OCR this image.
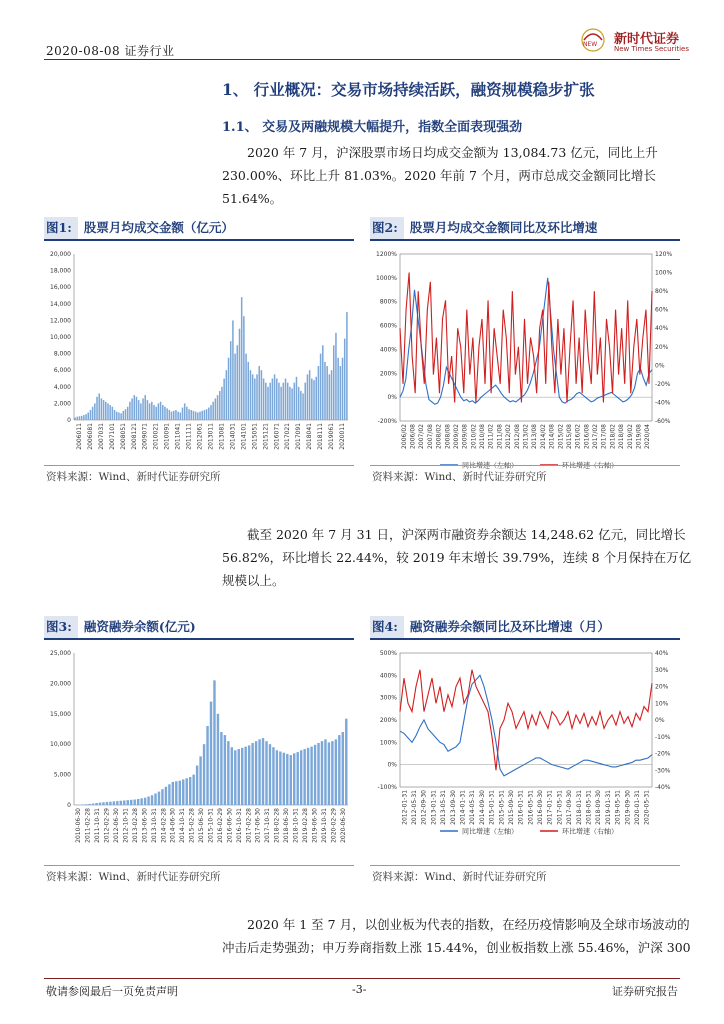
2020-08-08 证券行业	NEW 新时代证券
New Times Securities
1、 行业概况：交易市场持续活跃，融资规模稳步扩张
1.1、 交易及两融规模大幅提升，指数全面表现强劲
2020 年 7 月，沪深股票市场日均成交金额为 13,084.73 亿元，同比上升 230.00%、环比上升 81.03%。2020 年前 7 个月，两市总成交金额同比增长 51.64%。
图1: 股票月均成交金额（亿元）
0
2,000
4,000
6,000
8,000
10,000
12,000
14,000
16,000
18,000
20,000
2006011 2006081 2007031 2007101 2008051 2008121 2009071 2010021 2010091 2011041 2011111 2012061 2013011 2013081 2014031 2014101 2015051 2015121 2016071 2017021 2017091 2018041 2018111 2019061 2020011
资料来源：Wind、新时代证券研究所
图2: 股票月均成交金额同比及环比增速
-200%
0%
200%
400%
600%
800%
1000%
1200%
-60%
-40%
-20%
0%
20%
40%
60%
80%
100%
120%
2006/02 2006/08 2007/02 2007/08 2008/02 2008/08 2009/02 2009/08 2010/02 2010/08 2011/02 2011/08 2012/02 2012/08 2013/02 2013/08 2014/02 2014/08 2015/02 2015/08 2016/02 2016/08 2017/02 2017/08 2018/02 2018/08 2019/02 2019/08 2020/04
资料来源：Wind、新时代证券研究所
截至 2020 年 7 月 31 日，沪深两市融资券余额达 14,248.62 亿元，同比增长 56.82%，环比增长 22.44%，较 2019 年末增长 39.79%，连续 8 个月保持在万亿规模以上。
图3: 融资融券余额(亿元)
0
5,000
10,000
15,000
20,000
25,000
2010-06-30 2011-02-28 2011-10-31 2012-02-29 2012-06-30 2012-10-31 2013-02-28 2013-06-30 2013-10-31 2014-02-28 2014-06-30 2014-10-31 2015-02-28 2015-06-30 2015-10-31 2016-02-29 2016-06-30 2016-10-31 2017-02-28 2017-06-30 2017-10-31 2018-02-28 2018-06-30 2018-10-31 2019-02-28 2019-06-30 2019-10-31 2020-02-29 2020-06-30
资料来源：Wind、新时代证券研究所
图4: 融资融券余额同比及环比增速（月）
-100%
0%
100%
200%
300%
400%
500%
-40%
-30%
-20%
-10%
0%
10%
20%
30%
40%
2012-01-31 2012-05-31 2012-09-30 2013-01-31 2013-05-31 2013-09-30 2014-01-31 2014-05-31 2014-09-30 2015-01-31 2015-05-31 2015-09-30 2016-01-31 2016-05-31 2016-09-30 2017-01-31 2017-05-31 2017-09-30 2018-01-31 2018-05-31 2018-09-30 2019-01-31 2019-05-31 2019-09-30 2020-01-31 2020-05-31
同比增速（左轴）	环比增速（右轴）
资料来源：Wind、新时代证券研究所
2020 年 1 至 7 月，以创业板为代表的指数，在经历疫情影响及全球市场波动的冲击后走势强劲；申万券商指数上涨 15.44%，创业板指数上涨 55.46%，沪深 300
敬请参阅最后一页免责声明	-3-	证券研究报告
